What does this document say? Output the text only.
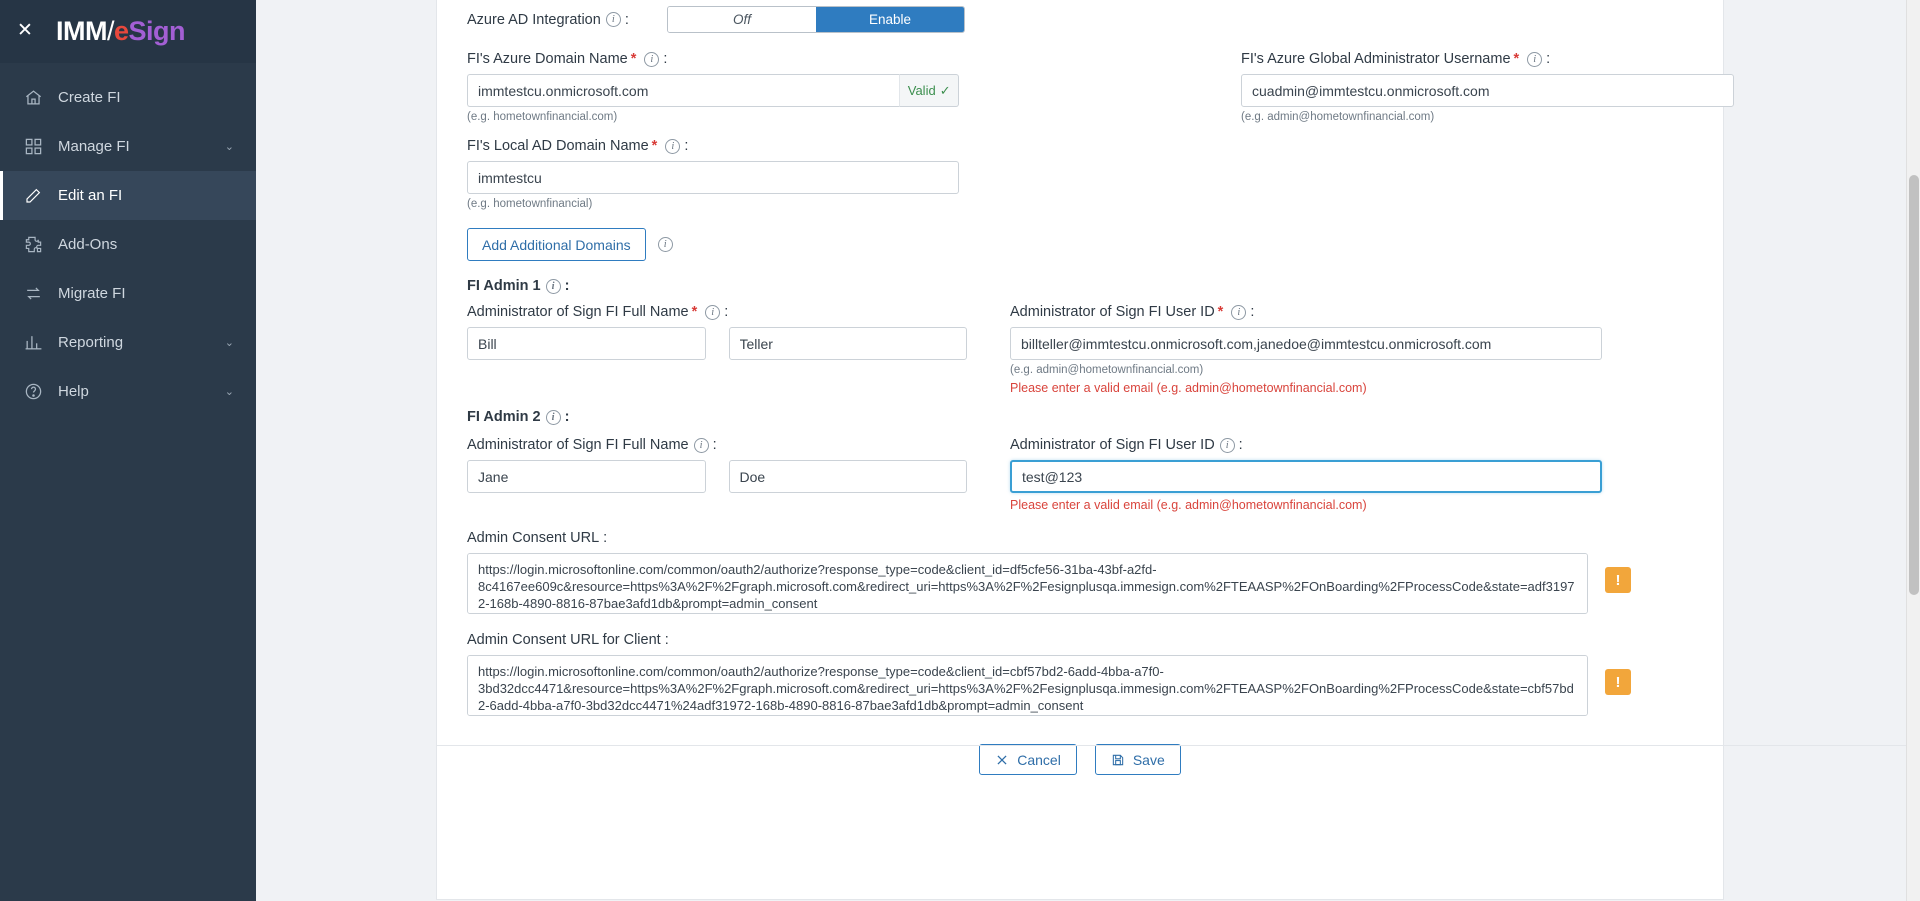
✕ IMM/eSign
Create FI
Manage FI	⌄
Edit an FI
Add-Ons
Migrate FI
Reporting	⌄
Help	⌄
Azure AD Integration	i :	Off	Enable
FI's Azure Domain Name *	i :
immtestcu.onmicrosoft.com
Valid ✓
(e.g. hometownfinancial.com)
FI's Azure Global Administrator Username *	i :
cuadmin@immtestcu.onmicrosoft.com
(e.g. admin@hometownfinancial.com)
FI's Local AD Domain Name *	i :
immtestcu
(e.g. hometownfinancial)
Add Additional Domains	i
FI Admin 1	i :
Administrator of Sign FI Full Name *	i :
Bill
Teller	Administrator of Sign FI User ID *	i :
billteller@immtestcu.onmicrosoft.com,janedoe@immtestcu.onmicrosoft.com
(e.g. admin@hometownfinancial.com)
Please enter a valid email (e.g. admin@hometownfinancial.com)
FI Admin 2	i :
Administrator of Sign FI Full Name	i :
Jane
Doe	Administrator of Sign FI User ID	i :
test@123
Please enter a valid email (e.g. admin@hometownfinancial.com)
Admin Consent URL :
https://login.microsoftonline.com/common/oauth2/authorize?response_type=code&client_id=df5cfe56-31ba-43bf-a2fd-8c4167ee609c&resource=https%3A%2F%2Fgraph.microsoft.com&redirect_uri=https%3A%2F%2Fesignplusqa.immesign.com%2FTEAASP%2FOnBoarding%2FProcessCode&state=adf31972-168b-4890-8816-87bae3afd1db&prompt=admin_consent
!
Admin Consent URL for Client :
https://login.microsoftonline.com/common/oauth2/authorize?response_type=code&client_id=cbf57bd2-6add-4bba-a7f0-3bd32dcc4471&resource=https%3A%2F%2Fgraph.microsoft.com&redirect_uri=https%3A%2F%2Fesignplusqa.immesign.com%2FTEAASP%2FOnBoarding%2FProcessCode&state=cbf57bd2-6add-4bba-a7f0-3bd32dcc4471%24adf31972-168b-4890-8816-87bae3afd1db&prompt=admin_consent
!
Cancel	Save
